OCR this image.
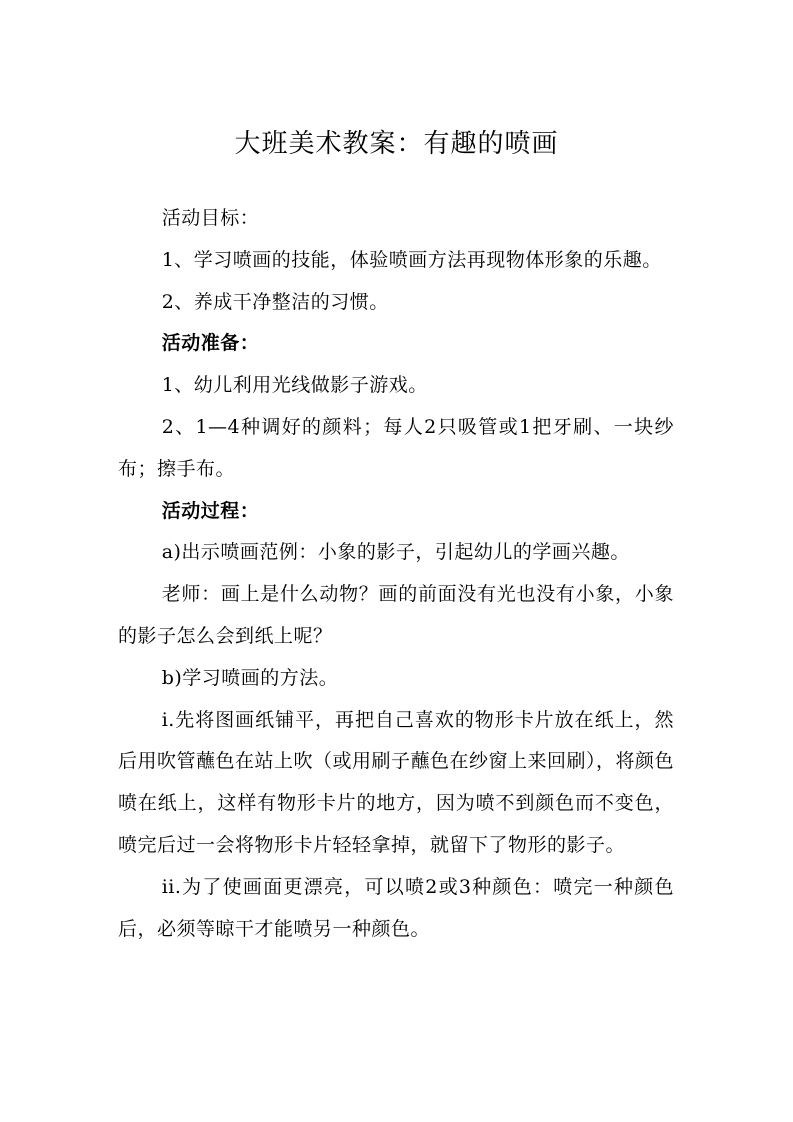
大班美术教案：有趣的喷画

活动目标：

1、学习喷画的技能，体验喷画方法再现物体形象的乐趣。

2、养成干净整洁的习惯。

活动准备：

1、幼儿利用光线做影子游戏。

2、1—4种调好的颜料；每人2只吸管或1把牙刷、一块纱布；擦手布。

活动过程：

a)出示喷画范例：小象的影子，引起幼儿的学画兴趣。

老师：画上是什么动物？画的前面没有光也没有小象，小象的影子怎么会到纸上呢？

b)学习喷画的方法。

i.先将图画纸铺平，再把自己喜欢的物形卡片放在纸上，然后用吹管蘸色在站上吹（或用刷子蘸色在纱窗上来回刷），将颜色喷在纸上，这样有物形卡片的地方，因为喷不到颜色而不变色，喷完后过一会将物形卡片轻轻拿掉，就留下了物形的影子。

ii.为了使画面更漂亮，可以喷2或3种颜色：喷完一种颜色后，必须等晾干才能喷另一种颜色。
